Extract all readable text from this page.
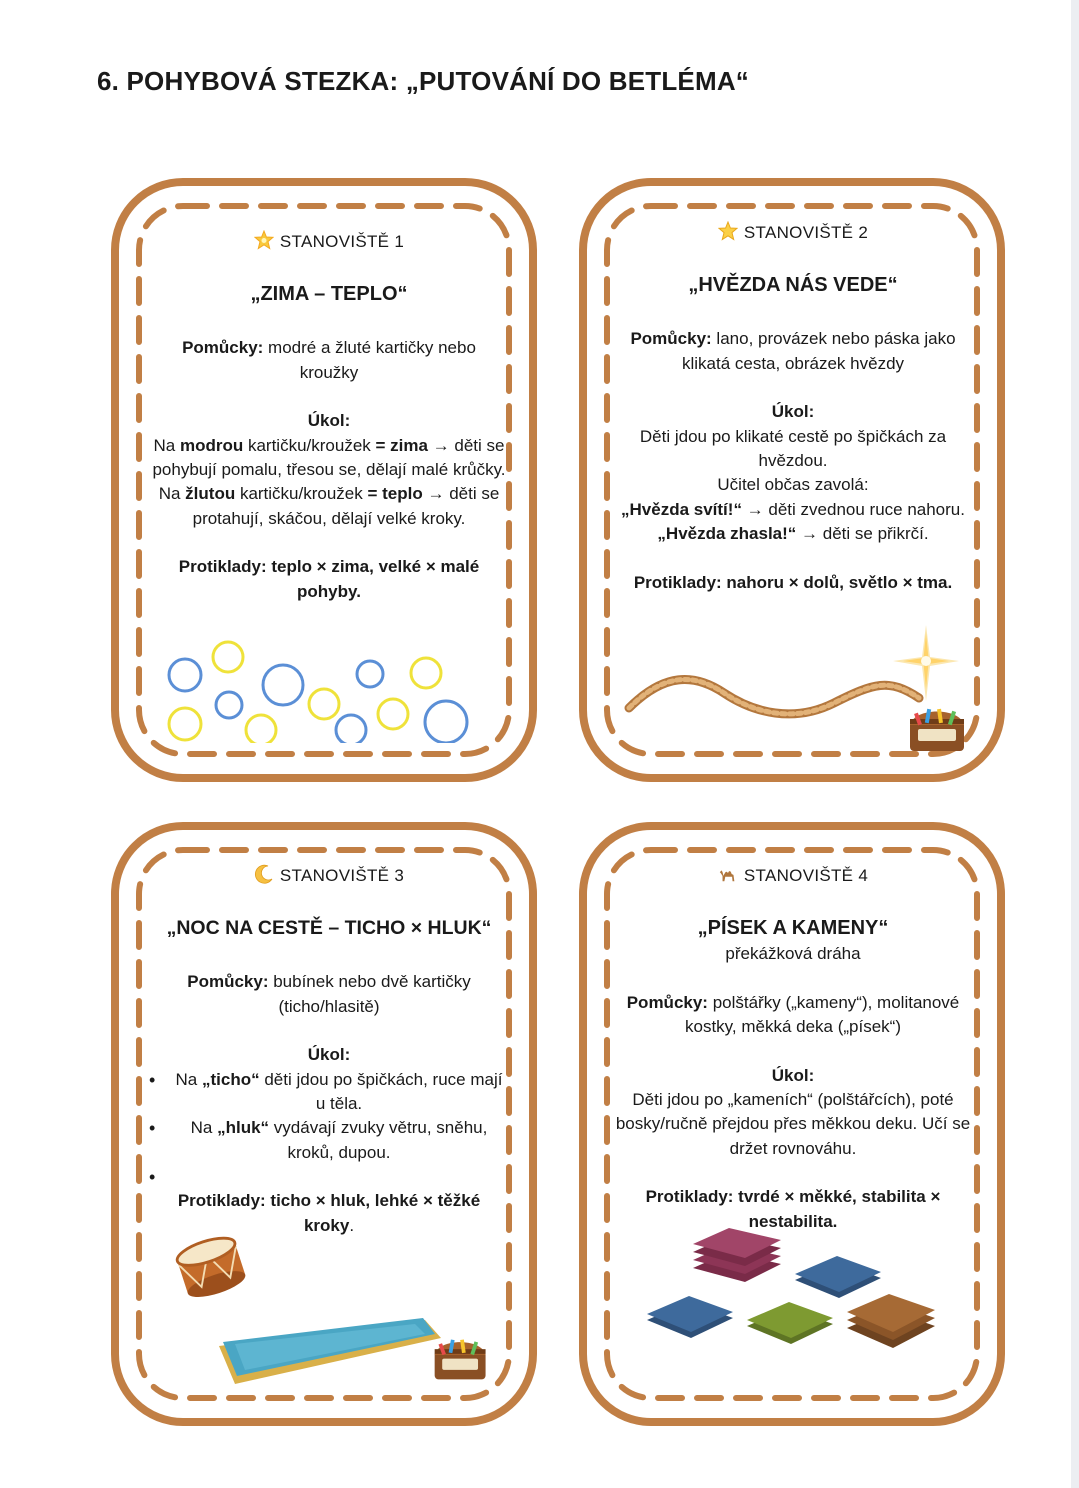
6. POHYBOVÁ STEZKA: „PUTOVÁNÍ DO BETLÉMA“
STANOVIŠTĚ 1
„ZIMA – TEPLO“
Pomůcky: modré a žluté kartičky nebo kroužky
Úkol:
Na modrou kartičku/kroužek = zima → děti se pohybují pomalu, třesou se, dělají malé krůčky.
Na žlutou kartičku/kroužek = teplo → děti se protahují, skáčou, dělají velké kroky.
Protiklady: teplo × zima, velké × malé pohyby.
STANOVIŠTĚ 2
„HVĚZDA NÁS VEDE“
Pomůcky: lano, provázek nebo páska jako klikatá cesta, obrázek hvězdy
Úkol:
Děti jdou po klikaté cestě po špičkách za hvězdou.
Učitel občas zavolá:
„Hvězda svítí!“ → děti zvednou ruce nahoru.
„Hvězda zhasla!“ → děti se přikrčí.
Protiklady: nahoru × dolů, světlo × tma.
STANOVIŠTĚ 3
„NOC NA CESTĚ – TICHO × HLUK“
Pomůcky: bubínek nebo dvě kartičky (ticho/hlasitě)
Úkol:
• Na „ticho“ děti jdou po špičkách, ruce mají u těla.
• Na „hluk“ vydávají zvuky větru, sněhu, kroků, dupou.
•
Protiklady: ticho × hluk, lehké × těžké kroky.
STANOVIŠTĚ 4
„PÍSEK A KAMENY“
překážková dráha
Pomůcky: polštářky („kameny“), molitanové kostky, měkká deka („písek“)
Úkol:
Děti jdou po „kameních“ (polštářcích), poté bosky/ručně přejdou přes měkkou deku. Učí se držet rovnováhu.
Protiklady: tvrdé × měkké, stabilita × nestabilita.
